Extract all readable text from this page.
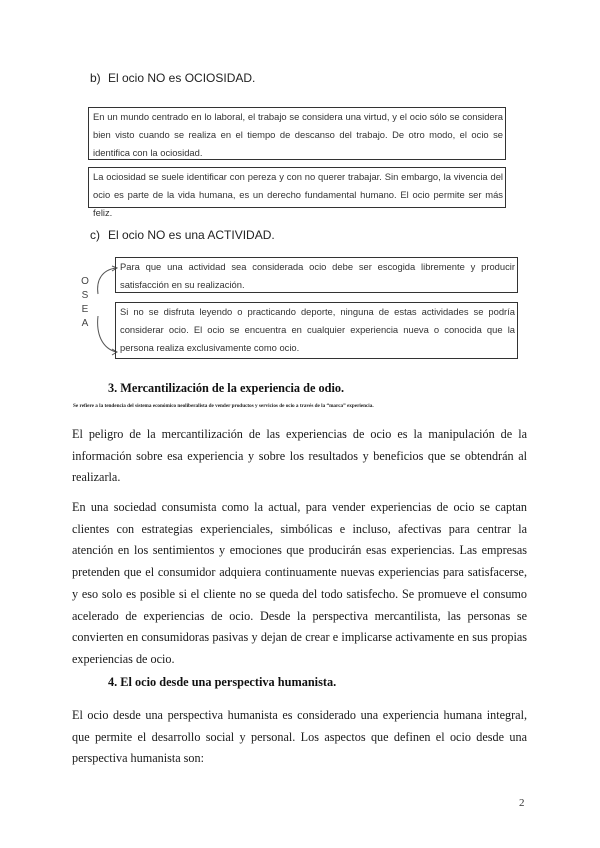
b) El ocio NO es OCIOSIDAD.
En un mundo centrado en lo laboral, el trabajo se considera una virtud, y el ocio sólo se considera bien visto cuando se realiza en el tiempo de descanso del trabajo. De otro modo, el ocio se identifica con la ociosidad.
La ociosidad se suele identificar con pereza y con no querer trabajar. Sin embargo, la vivencia del ocio es parte de la vida humana, es un derecho fundamental humano. El ocio permite ser más feliz.
c) El ocio NO es una ACTIVIDAD.
O
S
E
A
Para que una actividad sea considerada ocio debe ser escogida libremente y producir satisfacción en su realización.
Si no se disfruta leyendo o practicando deporte, ninguna de estas actividades se podría considerar ocio. El ocio se encuentra en cualquier experiencia nueva o conocida que la persona realiza exclusivamente como ocio.
3. Mercantilización de la experiencia de odio.
Se refiere a la tendencia del sistema económico neoliberalista de vender productos y servicios de ocio a través de la “marca” experiencia.
El peligro de la mercantilización de las experiencias de ocio es la manipulación de la información sobre esa experiencia y sobre los resultados y beneficios que se obtendrán al realizarla.
En una sociedad consumista como la actual, para vender experiencias de ocio se captan clientes con estrategias experienciales, simbólicas e incluso, afectivas para centrar la atención en los sentimientos y emociones que producirán esas experiencias. Las empresas pretenden que el consumidor adquiera continuamente nuevas experiencias para satisfacerse, y eso solo es posible si el cliente no se queda del todo satisfecho. Se promueve el consumo acelerado de experiencias de ocio. Desde la perspectiva mercantilista, las personas se convierten en consumidoras pasivas y dejan de crear e implicarse activamente en sus propias experiencias de ocio.
4. El ocio desde una perspectiva humanista.
El ocio desde una perspectiva humanista es considerado una experiencia humana integral, que permite el desarrollo social y personal. Los aspectos que definen el ocio desde una perspectiva humanista son:
2
